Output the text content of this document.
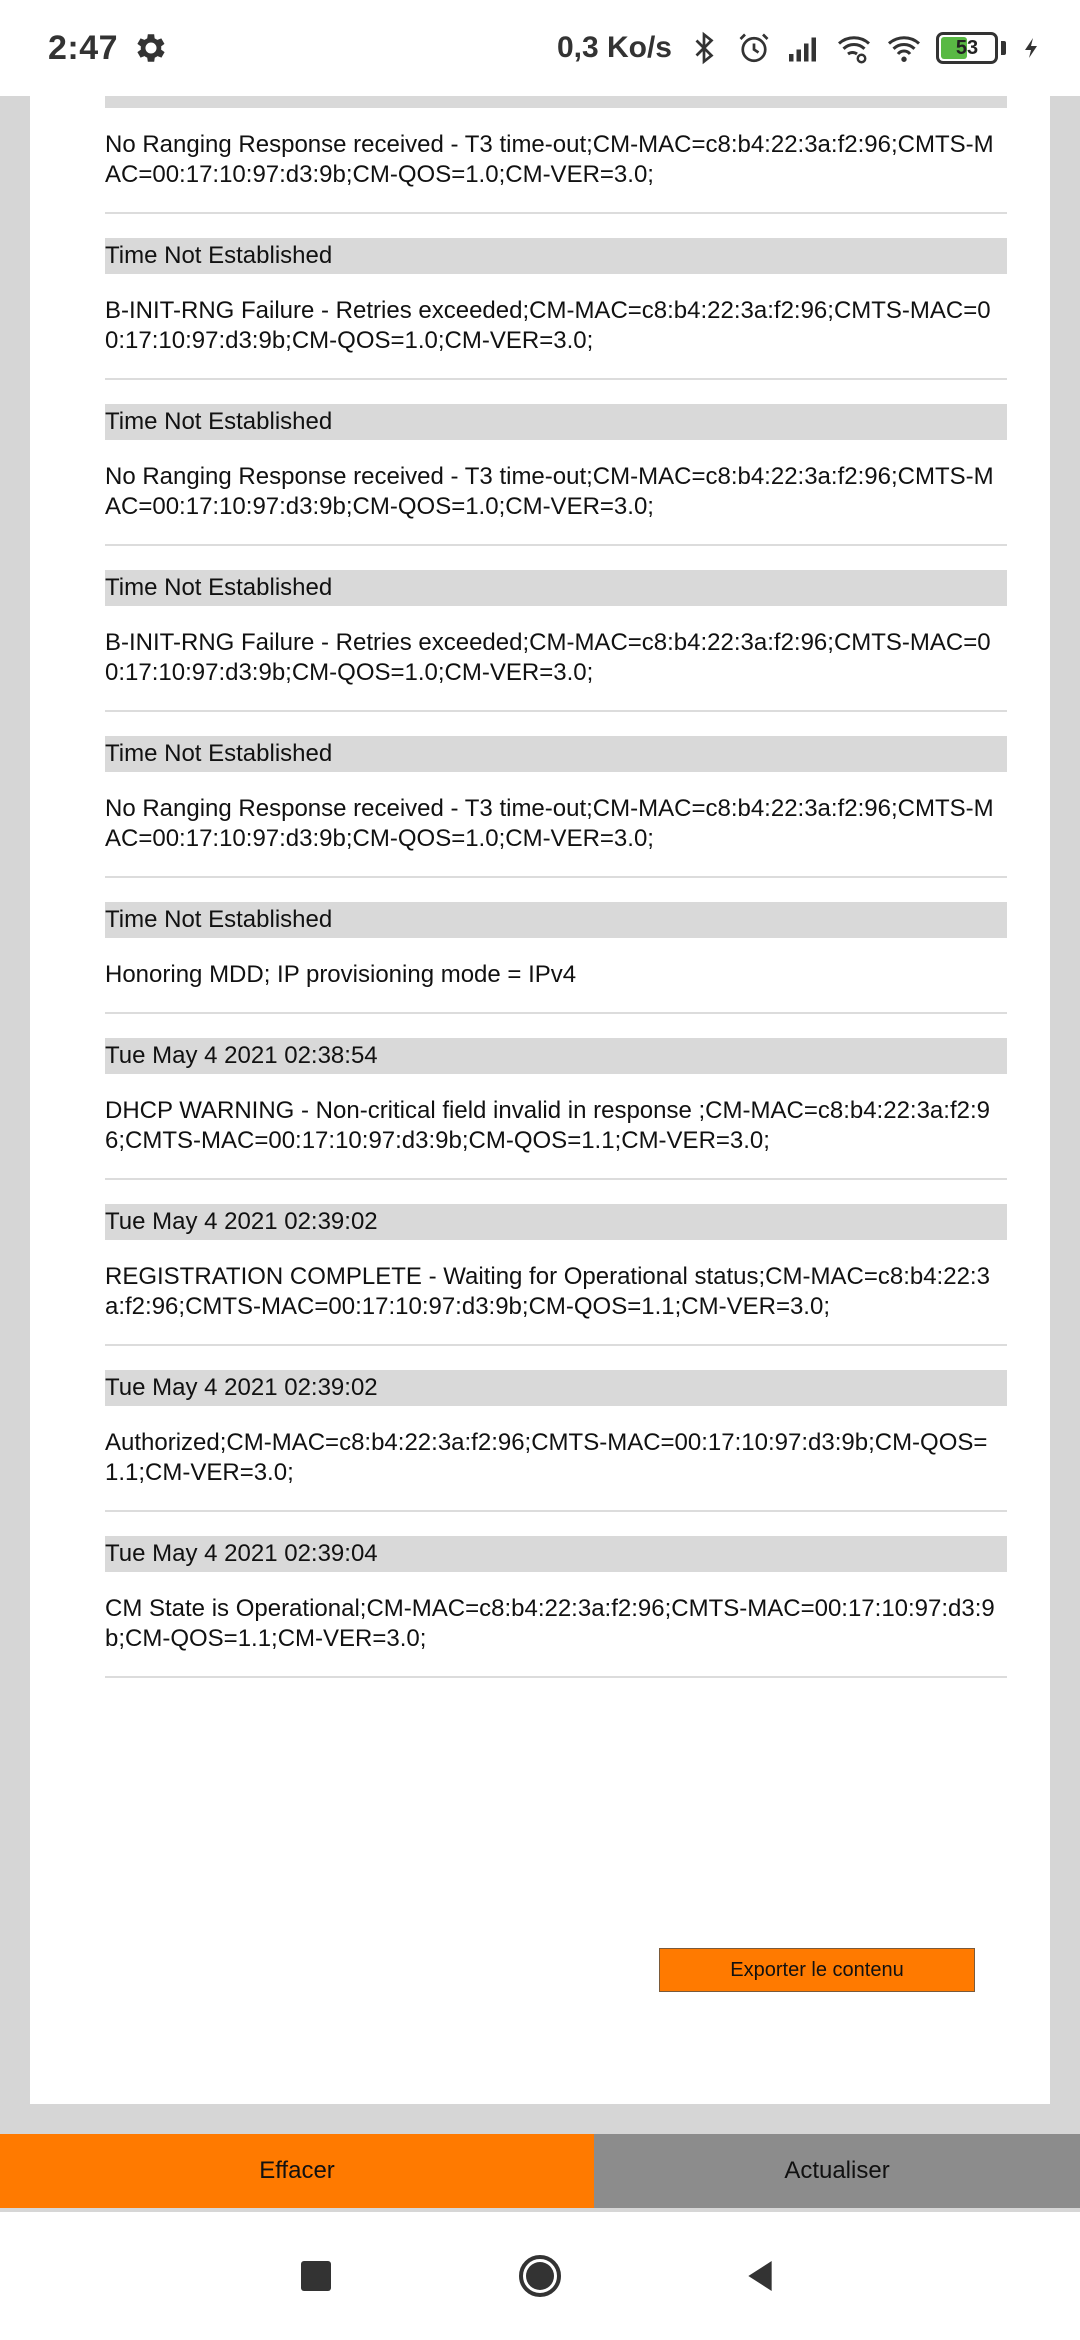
2:47	0,3 Ko/s	53
No Ranging Response received - T3 time-out;CM-MAC=c8:b4:22:3a:f2:96;CMTS-MAC=00:17:10:97:d3:9b;CM-QOS=1.0;CM-VER=3.0;
Time Not Established
B-INIT-RNG Failure - Retries exceeded;CM-MAC=c8:b4:22:3a:f2:96;CMTS-MAC=00:17:10:97:d3:9b;CM-QOS=1.0;CM-VER=3.0;
Time Not Established
No Ranging Response received - T3 time-out;CM-MAC=c8:b4:22:3a:f2:96;CMTS-MAC=00:17:10:97:d3:9b;CM-QOS=1.0;CM-VER=3.0;
Time Not Established
B-INIT-RNG Failure - Retries exceeded;CM-MAC=c8:b4:22:3a:f2:96;CMTS-MAC=00:17:10:97:d3:9b;CM-QOS=1.0;CM-VER=3.0;
Time Not Established
No Ranging Response received - T3 time-out;CM-MAC=c8:b4:22:3a:f2:96;CMTS-MAC=00:17:10:97:d3:9b;CM-QOS=1.0;CM-VER=3.0;
Time Not Established
Honoring MDD; IP provisioning mode = IPv4
Tue May 4 2021 02:38:54
DHCP WARNING - Non-critical field invalid in response ;CM-MAC=c8:b4:22:3a:f2:96;CMTS-MAC=00:17:10:97:d3:9b;CM-QOS=1.1;CM-VER=3.0;
Tue May 4 2021 02:39:02
REGISTRATION COMPLETE - Waiting for Operational status;CM-MAC=c8:b4:22:3a:f2:96;CMTS-MAC=00:17:10:97:d3:9b;CM-QOS=1.1;CM-VER=3.0;
Tue May 4 2021 02:39:02
Authorized;CM-MAC=c8:b4:22:3a:f2:96;CMTS-MAC=00:17:10:97:d3:9b;CM-QOS=1.1;CM-VER=3.0;
Tue May 4 2021 02:39:04
CM State is Operational;CM-MAC=c8:b4:22:3a:f2:96;CMTS-MAC=00:17:10:97:d3:9b;CM-QOS=1.1;CM-VER=3.0;
Exporter le contenu
Effacer	Actualiser
